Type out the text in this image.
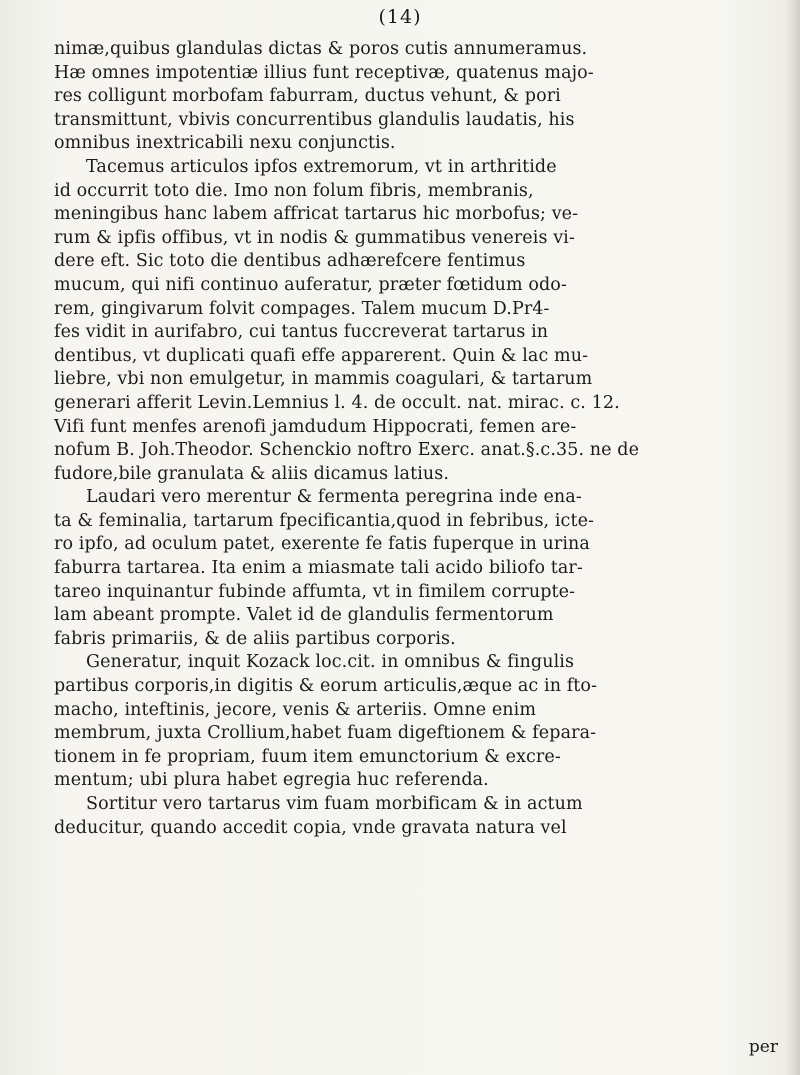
(14)
nimæ,quibus glandulas dictas & poros cutis annumeramus.
Hæ omnes impotentiæ illius funt receptivæ, quatenus majo-
res colligunt morbofam faburram, ductus vehunt, & pori
transmittunt, vbivis concurrentibus glandulis laudatis, his
omnibus inextricabili nexu conjunctis.
Tacemus articulos ipfos extremorum, vt in arthritide
id occurrit toto die. Imo non folum fibris, membranis,
meningibus hanc labem affricat tartarus hic morbofus; ve-
rum & ipfis offibus, vt in nodis & gummatibus venereis vi-
dere eft. Sic toto die dentibus adhærefcere fentimus
mucum, qui nifi continuo auferatur, præter fœtidum odo-
rem, gingivarum folvit compages. Talem mucum D.Pr4-
fes vidit in aurifabro, cui tantus fuccreverat tartarus in
dentibus, vt duplicati quafi effe apparerent. Quin & lac mu-
liebre, vbi non emulgetur, in mammis coagulari, & tartarum
generari afferit Levin.Lemnius l. 4. de occult. nat. mirac. c. 12.
Vifi funt menfes arenofi jamdudum Hippocrati, femen are-
nofum B. Joh.Theodor. Schenckio noftro Exerc. anat.§.c.35. ne de
fudore,bile granulata & aliis dicamus latius.
Laudari vero merentur & fermenta peregrina inde ena-
ta & feminalia, tartarum fpecificantia,quod in febribus, icte-
ro ipfo, ad oculum patet, exerente fe fatis fuperque in urina
faburra tartarea. Ita enim a miasmate tali acido biliofo tar-
tareo inquinantur fubinde affumta, vt in fimilem corrupte-
lam abeant prompte. Valet id de glandulis fermentorum
fabris primariis, & de aliis partibus corporis.
Generatur, inquit Kozack loc.cit. in omnibus & fingulis
partibus corporis,in digitis & eorum articulis,æque ac in fto-
macho, inteftinis, jecore, venis & arteriis. Omne enim
membrum, juxta Crollium,habet fuam digeftionem & fepara-
tionem in fe propriam, fuum item emunctorium & excre-
mentum; ubi plura habet egregia huc referenda.
Sortitur vero tartarus vim fuam morbificam & in actum
deducitur, quando accedit copia, vnde gravata natura vel
per
